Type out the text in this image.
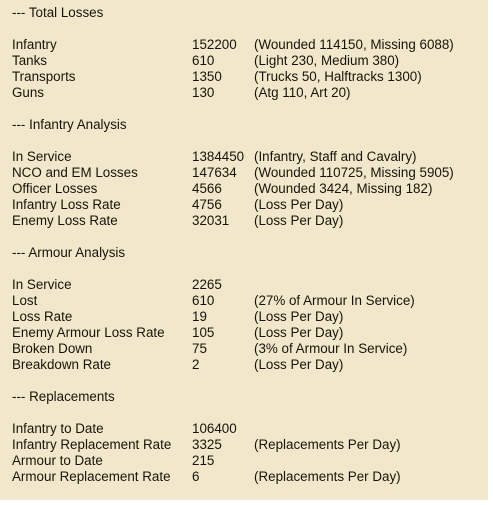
--- Total Losses
Infantry	152200 (Wounded 114150, Missing 6088)
Tanks	610	(Light 230, Medium 380)
Transports	1350 (Trucks 50, Halftracks 1300)
Guns	130	(Atg 110, Art 20)
--- Infantry Analysis
In Service	1384450 (Infantry, Staff and Cavalry)
NCO and EM Losses	147634 (Wounded 110725, Missing 5905)
Officer Losses	4566 (Wounded 3424, Missing 182)
Infantry Loss Rate	4756 (Loss Per Day)
Enemy Loss Rate	32031 (Loss Per Day)
--- Armour Analysis
In Service	2265
Lost	610	(27% of Armour In Service)
Loss Rate	19	(Loss Per Day)
Enemy Armour Loss Rate 105	(Loss Per Day)
Broken Down	75	(3% of Armour In Service)
Breakdown Rate	2	(Loss Per Day)
--- Replacements
Infantry to Date	106400
Infantry Replacement Rate 3325 (Replacements Per Day)
Armour to Date	215
Armour Replacement Rate 6	(Replacements Per Day)
